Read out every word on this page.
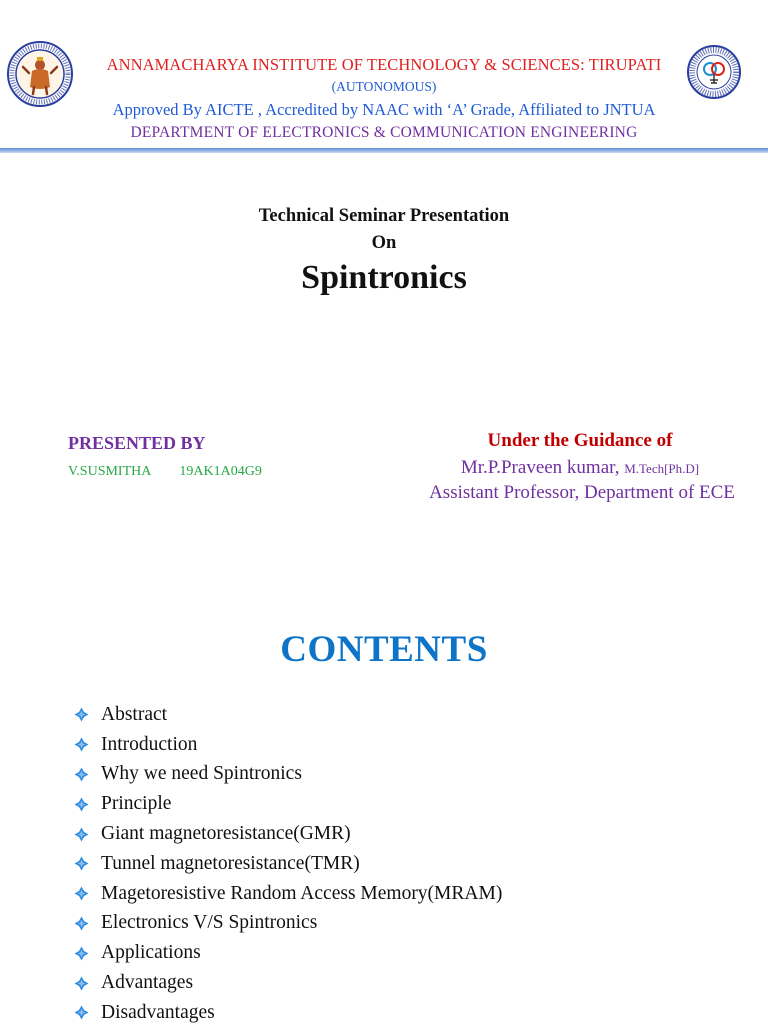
ANNAMACHARYA INSTITUTE OF TECHNOLOGY & SCIENCES: TIRUPATI
(AUTONOMOUS)
Approved By AICTE , Accredited by NAAC with ‘A’ Grade, Affiliated to JNTUA
DEPARTMENT OF ELECTRONICS & COMMUNICATION ENGINEERING
Technical Seminar Presentation
On
Spintronics
PRESENTED BY
V.SUSMITHA 19AK1A04G9
Under the Guidance of
Mr.P.Praveen kumar, M.Tech[Ph.D]
Assistant Professor, Department of ECE
CONTENTS
Abstract
Introduction
Why we need Spintronics
Principle
Giant magnetoresistance(GMR)
Tunnel magnetoresistance(TMR)
Magetoresistive Random Access Memory(MRAM)
Electronics V/S Spintronics
Applications
Advantages
Disadvantages
